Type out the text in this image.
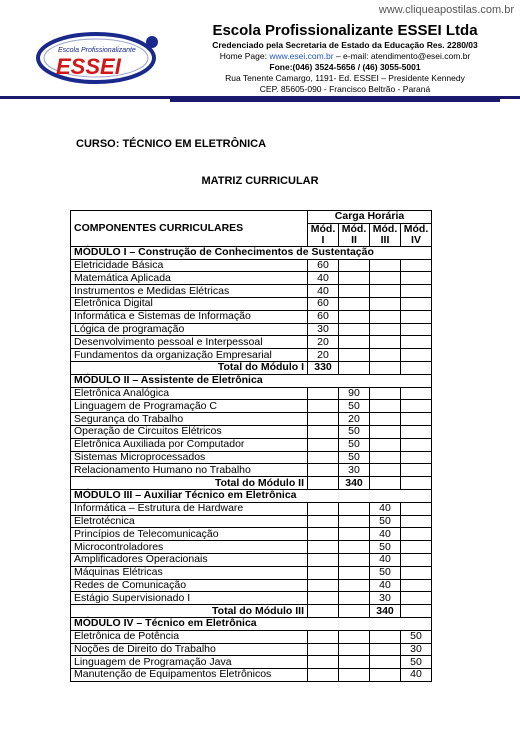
www.cliqueapostilas.com.br
Escola Profissionalizante
ESSEI
Escola Profissionalizante ESSEI Ltda
Credenciado pela Secretaria de Estado da Educação Res. 2280/03
Home Page: www.esei.com.br – e-mail: atendimento@esei.com.br
Fone:(046) 3524-5656 / (46) 3055-5001
Rua Tenente Camargo, 1191- Ed. ESSEI – Presidente Kennedy
CEP. 85605-090 - Francisco Beltrão - Paraná
CURSO: TÉCNICO EM ELETRÔNICA
MATRIZ CURRICULAR
COMPONENTES CURRICULARES	Carga Horária			
	Mód. I	Mód. II	Mód. III	Mód. IV
MÓDULO I – Construção de Conhecimentos de Sustentação				
Eletricidade Básica	60			
Matemática Aplicada	40			
Instrumentos e Medidas Elétricas	40			
Eletrônica Digital	60			
Informática e Sistemas de Informação	60			
Lógica de programação	30			
Desenvolvimento pessoal e Interpessoal	20			
Fundamentos da organização Empresarial	20			
Total do Módulo I	330			
MÓDULO II – Assistente de Eletrônica				
Eletrônica Analógica		90		
Linguagem de Programação C		50		
Segurança do Trabalho		20		
Operação de Circuitos Elétricos		50		
Eletrônica Auxiliada por Computador		50		
Sistemas Microprocessados		50		
Relacionamento Humano no Trabalho		30		
Total do Módulo II		340		
MÓDULO III – Auxiliar Técnico em Eletrônica				
Informática – Estrutura de Hardware			40	
Eletrotécnica			50	
Princípios de Telecomunicação			40	
Microcontroladores			50	
Amplificadores Operacionais			40	
Máquinas Elétricas			50	
Redes de Comunicação			40	
Estágio Supervisionado I			30	
Total do Módulo III			340	
MÓDULO IV – Técnico em Eletrônica				
Eletrônica de Potência				50
Noções de Direito do Trabalho				30
Linguagem de Programação Java				50
Manutenção de Equipamentos Eletrônicos				40
